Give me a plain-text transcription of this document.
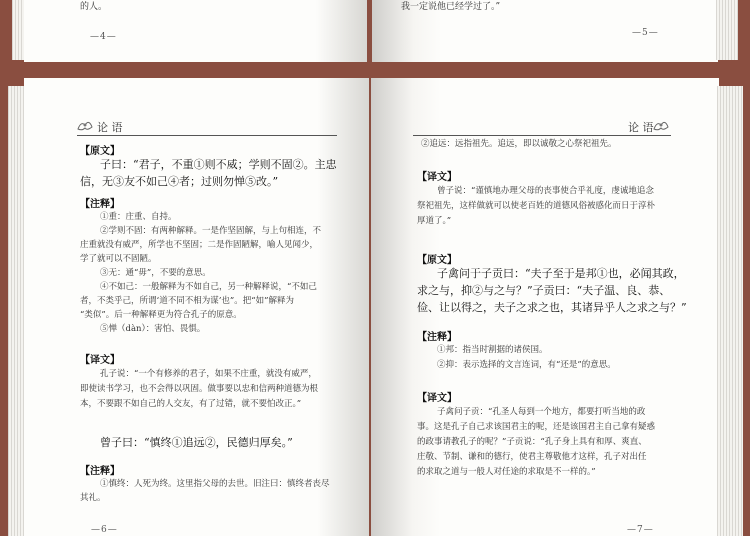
的人。
—4—
我一定说他已经学过了。”
—5—
论 语
【原文】
子曰：“君子，不重①则不威；学则不固②。主忠
信，无③友不如己④者；过则勿惮⑤改。”
【注释】
①重：庄重、自持。
②学则不固：有两种解释。一是作坚固解，与上句相连，不
庄重就没有威严，所学也不坚固；二是作固陋解，喻人见闻少，
学了就可以不固陋。
③无：通“毋”，不要的意思。
④不如己：一般解释为不如自己，另一种解释说，“不如己
者，不类乎己，所谓‘道不同不相为谋’也”。把“如”解释为
“类似”。后一种解释更为符合孔子的原意。
⑤惮（dàn）：害怕、畏惧。
【译文】
孔子说：“一个有修养的君子，如果不庄重，就没有威严，
即使读书学习，也不会得以巩固。做事要以忠和信两种道德为根
本，不要跟不如自己的人交友，有了过错，就不要怕改正。”
曾子曰：“慎终①追远②，民德归厚矣。”
【注释】
①慎终：人死为终。这里指父母的去世。旧注曰：慎终者丧尽
其礼。
—6—
论 语
②追远：远指祖先。追远，即以诚敬之心祭祀祖先。
【译文】
曾子说：“谨慎地办理父母的丧事使合乎礼度，虔诚地追念
祭祀祖先，这样做就可以使老百姓的道德风俗被感化而日于淳朴
厚道了。”
【原文】
子禽问于子贡曰：“夫子至于是邦①也，必闻其政，
求之与，抑②与之与？”子贡曰：“夫子温、良、恭、
俭、让以得之，夫子之求之也，其诸异乎人之求之与？”
【注释】
①邦：指当时割据的诸侯国。
②抑：表示选择的文言连词，有“还是”的意思。
【译文】
子禽问子贡：“孔圣人每到一个地方，都要打听当地的政
事。这是孔子自己求该国君主的呢，还是该国君主自己拿有疑惑
的政事请教孔子的呢？”子贡说：“孔子身上具有和厚、爽直、
庄敬、节制、谦和的德行，使君主尊敬他才这样，孔子对出任
的求取之道与一般人对任途的求取是不一样的。”
—7—
